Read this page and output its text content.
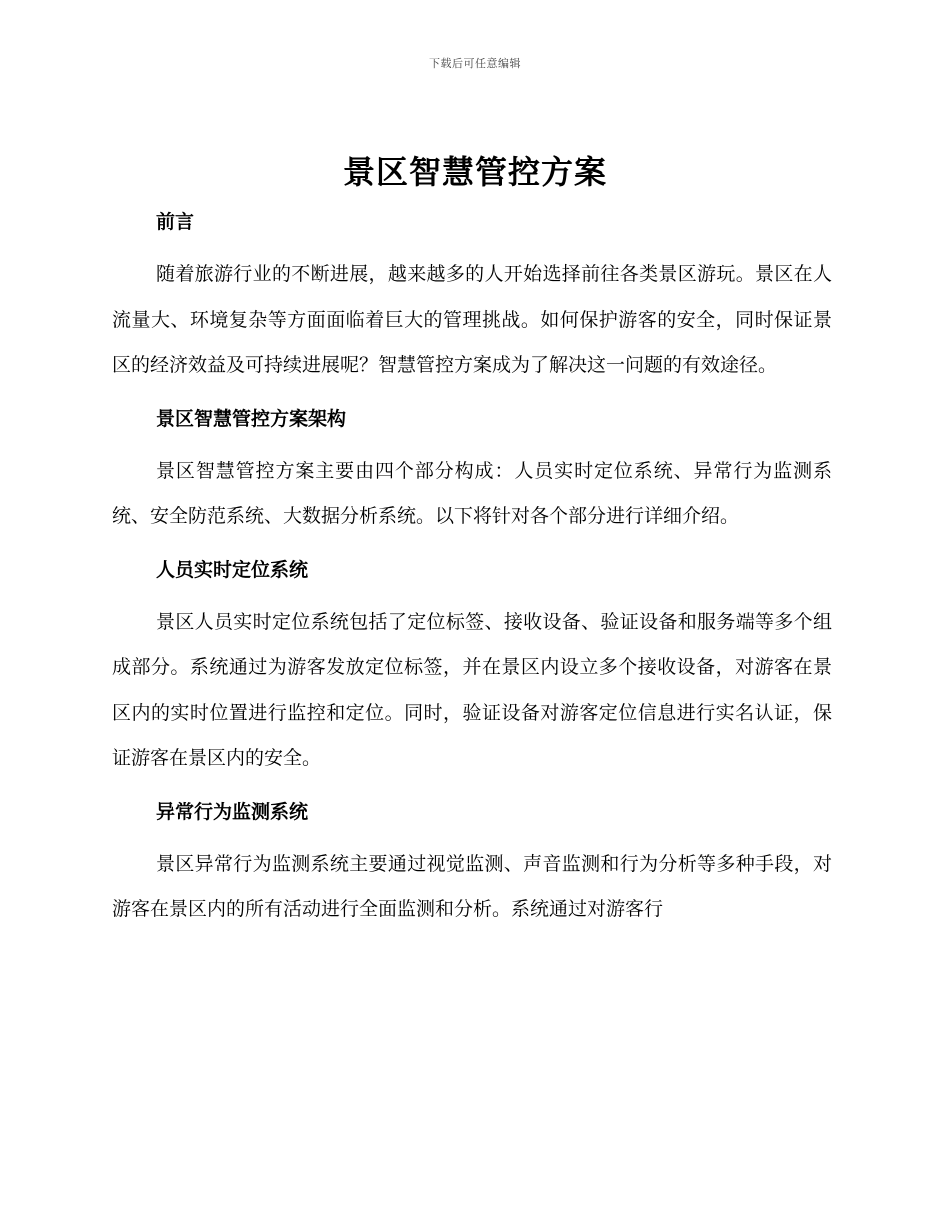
下载后可任意编辑
景区智慧管控方案
前言

随着旅游行业的不断进展，越来越多的人开始选择前往各类景区游玩。景区在人流量大、环境复杂等方面面临着巨大的管理挑战。如何保护游客的安全，同时保证景区的经济效益及可持续进展呢？智慧管控方案成为了解决这一问题的有效途径。

景区智慧管控方案架构

景区智慧管控方案主要由四个部分构成：人员实时定位系统、异常行为监测系统、安全防范系统、大数据分析系统。以下将针对各个部分进行详细介绍。

人员实时定位系统

景区人员实时定位系统包括了定位标签、接收设备、验证设备和服务端等多个组成部分。系统通过为游客发放定位标签，并在景区内设立多个接收设备，对游客在景区内的实时位置进行监控和定位。同时，验证设备对游客定位信息进行实名认证，保证游客在景区内的安全。

异常行为监测系统

景区异常行为监测系统主要通过视觉监测、声音监测和行为分析等多种手段，对游客在景区内的所有活动进行全面监测和分析。系统通过对游客行
